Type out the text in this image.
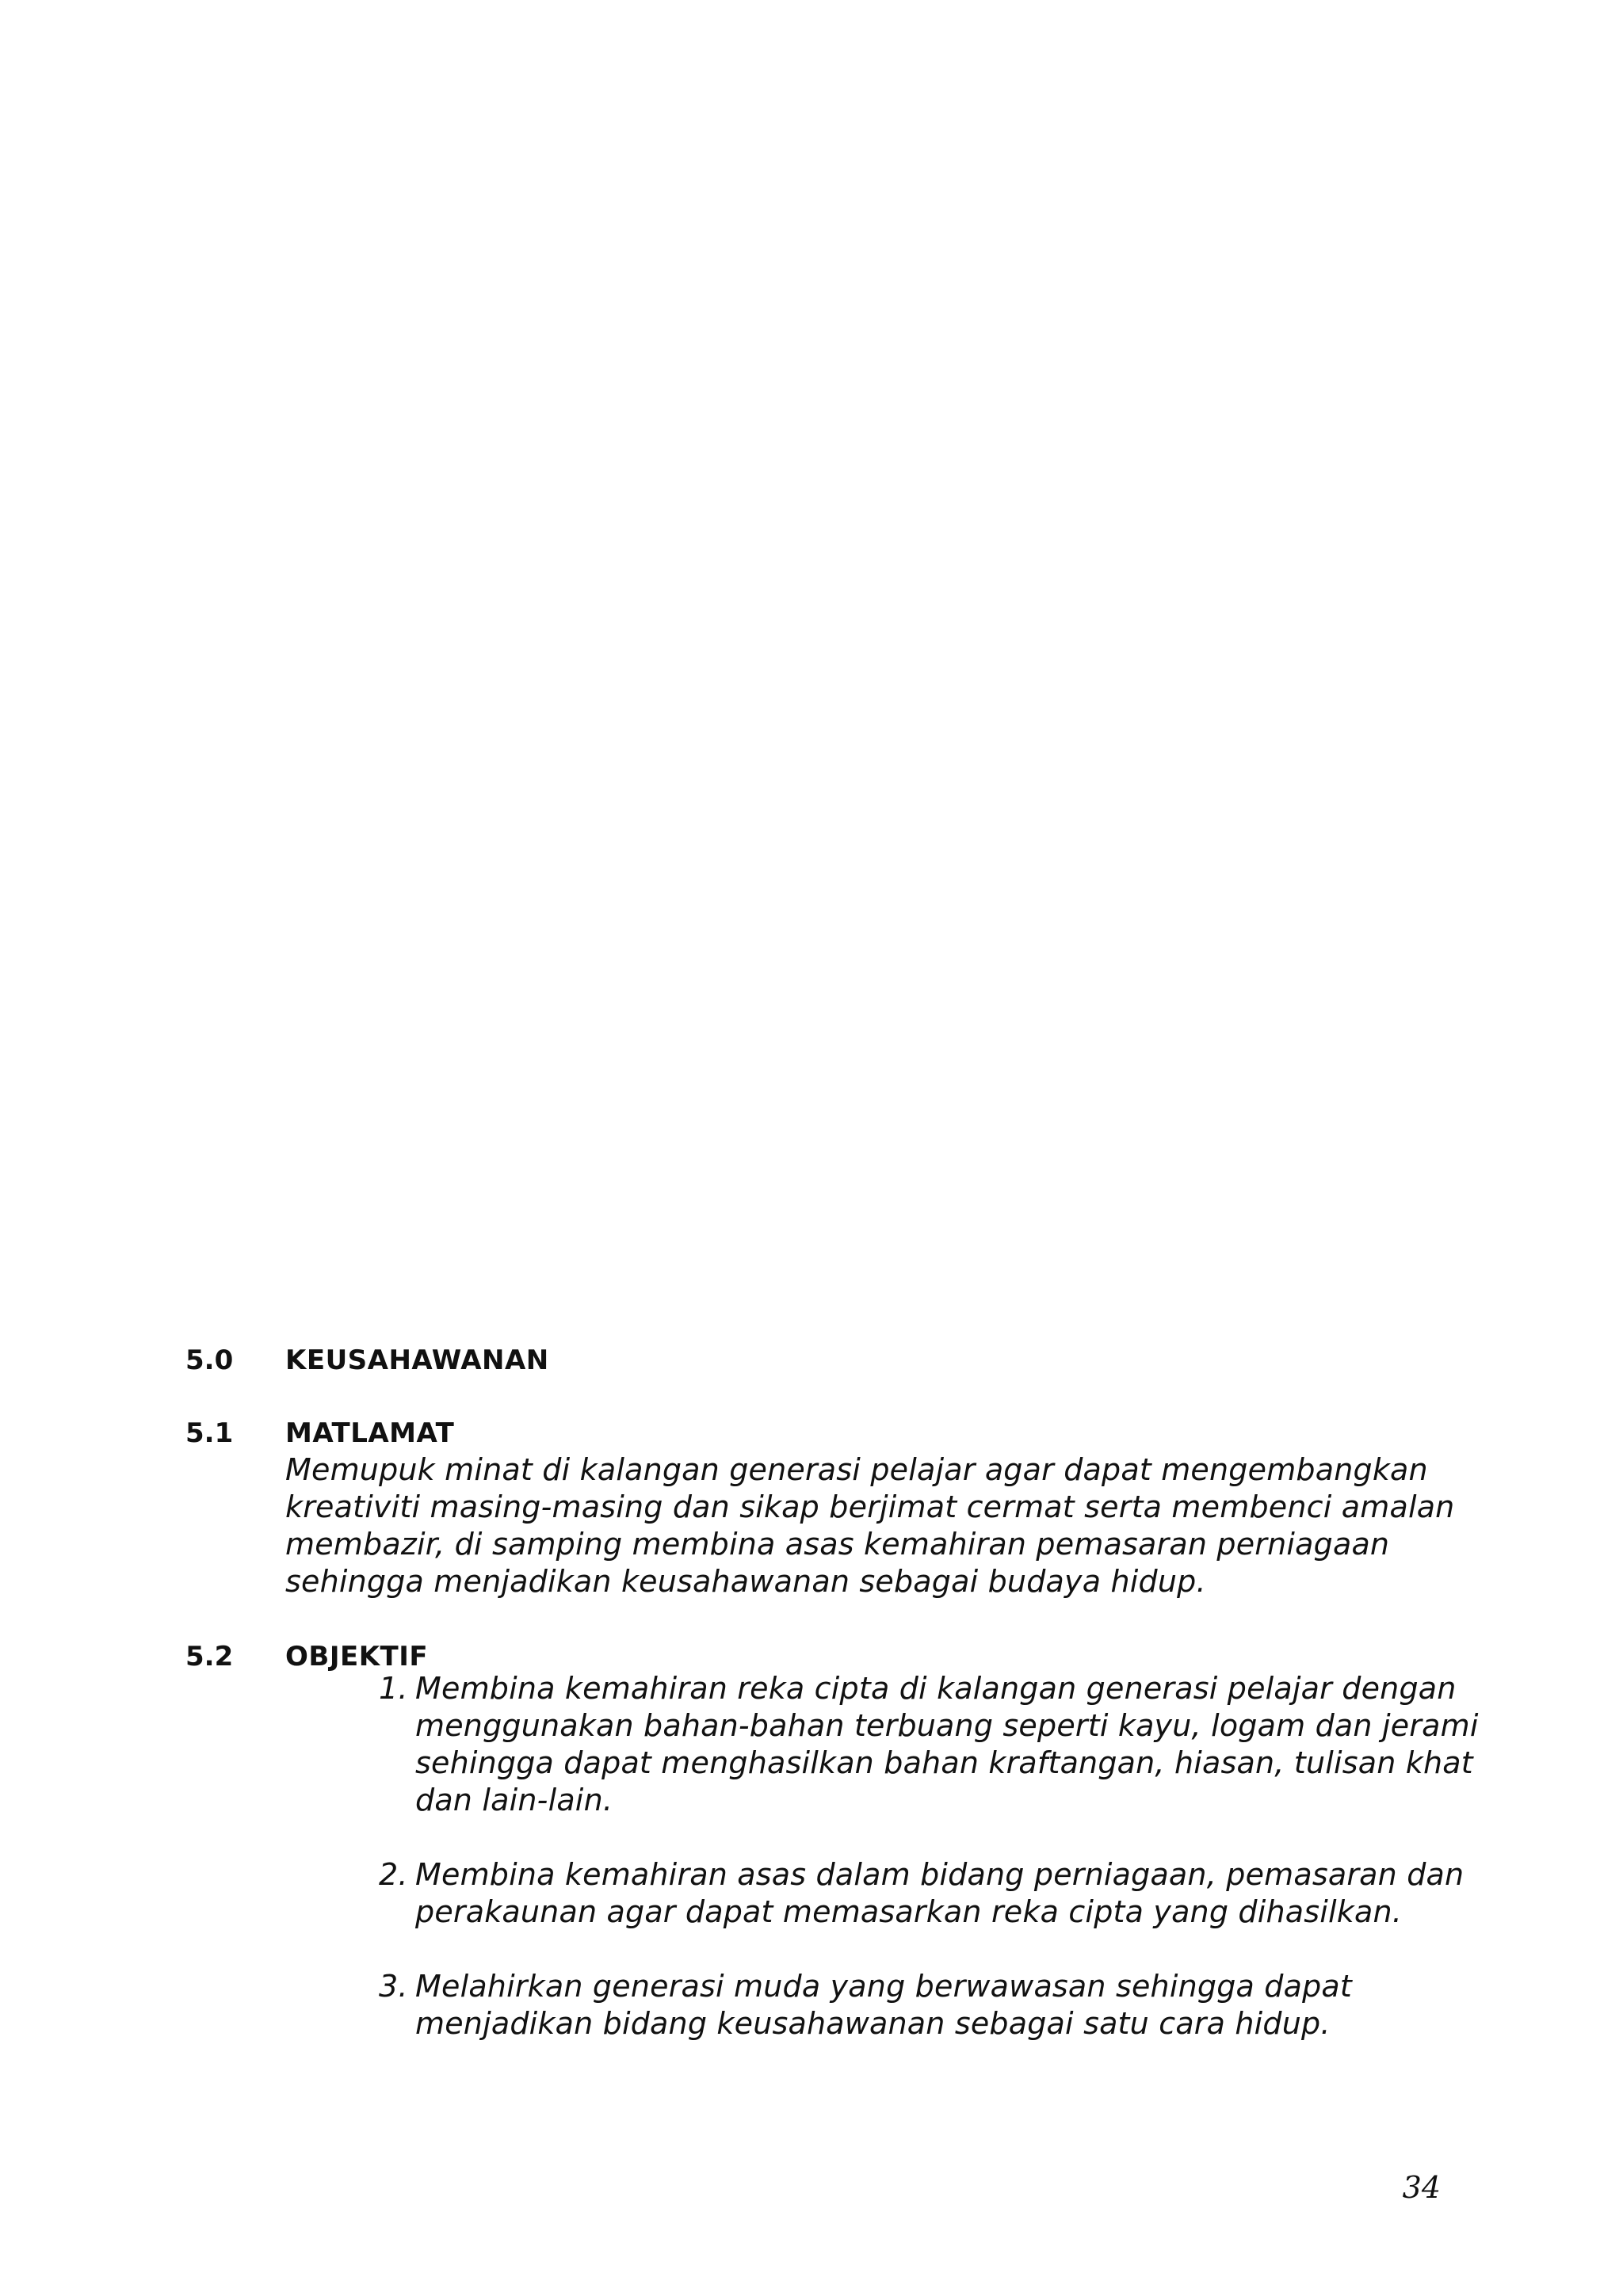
5.0	KEUSAHAWANAN
5.1	MATLAMAT
Memupuk minat di kalangan generasi pelajar agar dapat mengembangkan kreativiti masing-masing dan sikap berjimat cermat serta membenci amalan membazir, di samping membina asas kemahiran pemasaran perniagaan sehingga menjadikan keusahawanan sebagai budaya hidup.
5.2	OBJEKTIF
1. Membina kemahiran reka cipta di kalangan generasi pelajar dengan menggunakan bahan-bahan terbuang seperti kayu, logam dan jerami sehingga dapat menghasilkan bahan kraftangan, hiasan, tulisan khat dan lain-lain.
2. Membina kemahiran asas dalam bidang perniagaan, pemasaran dan perakaunan agar dapat memasarkan reka cipta yang dihasilkan.
3. Melahirkan generasi muda yang berwawasan sehingga dapat menjadikan bidang keusahawanan sebagai satu cara hidup.
34
